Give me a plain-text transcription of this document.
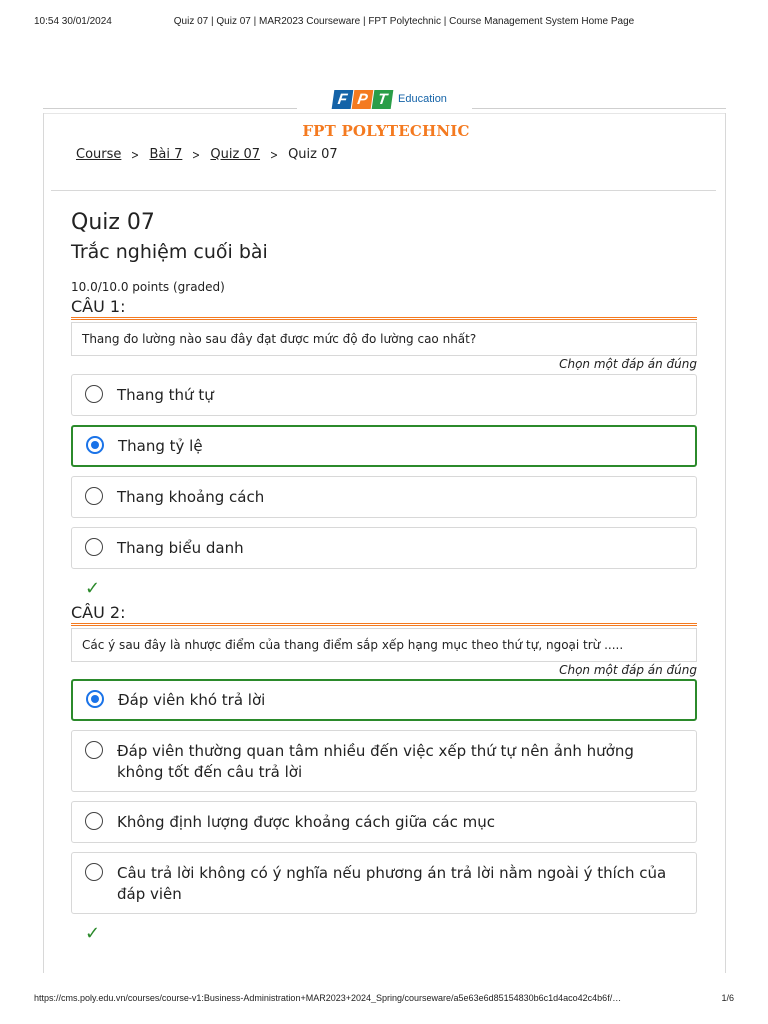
10:54 30/01/2024	Quiz 07 | Quiz 07 | MAR2023 Courseware | FPT Polytechnic | Course Management System Home Page
F P T Education
FPT POLYTECHNIC
Course > Bài 7 > Quiz 07 > Quiz 07
Quiz 07
Trắc nghiệm cuối bài
10.0/10.0 points (graded)
CÂU 1:
Thang đo lường nào sau đây đạt được mức độ đo lường cao nhất?
Chọn một đáp án đúng
Thang thứ tự
Thang tỷ lệ
Thang khoảng cách
Thang biểu danh
✓
CÂU 2:
Các ý sau đây là nhược điểm của thang điểm sắp xếp hạng mục theo thứ tự, ngoại trừ .....
Chọn một đáp án đúng
Đáp viên khó trả lời
Đáp viên thường quan tâm nhiều đến việc xếp thứ tự nên ảnh hưởng không tốt đến câu trả lời
Không định lượng được khoảng cách giữa các mục
Câu trả lời không có ý nghĩa nếu phương án trả lời nằm ngoài ý thích của đáp viên
✓
https://cms.poly.edu.vn/courses/course-v1:Business-Administration+MAR2023+2024_Spring/courseware/a5e63e6d85154830b6c1d4aco42c4b6f/…	1/6
